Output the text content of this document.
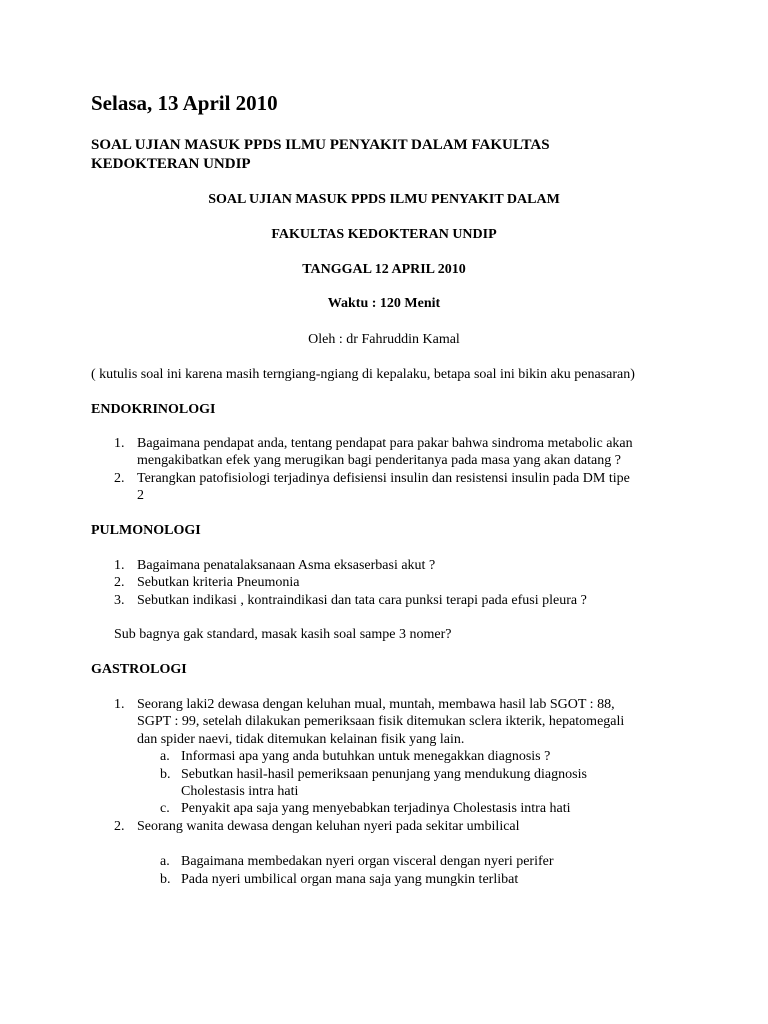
Selasa, 13 April 2010

SOAL UJIAN MASUK PPDS ILMU PENYAKIT DALAM FAKULTAS

KEDOKTERAN UNDIP

SOAL UJIAN MASUK PPDS ILMU PENYAKIT DALAM

FAKULTAS KEDOKTERAN UNDIP

TANGGAL 12 APRIL 2010

Waktu : 120 Menit

Oleh : dr Fahruddin Kamal

( kutulis soal ini karena masih terngiang-ngiang di kepalaku, betapa soal ini bikin aku penasaran)

ENDOKRINOLOGI

1. Bagaimana pendapat anda, tentang pendapat para pakar bahwa sindroma metabolic akan

mengakibatkan efek yang merugikan bagi penderitanya pada masa yang akan datang ?

2. Terangkan patofisiologi terjadinya defisiensi insulin dan resistensi insulin pada DM tipe

2

PULMONOLOGI

1. Bagaimana penatalaksanaan Asma eksaserbasi akut ?

2. Sebutkan kriteria Pneumonia

3. Sebutkan indikasi , kontraindikasi dan tata cara punksi terapi pada efusi pleura ?

Sub bagnya gak standard, masak kasih soal sampe 3 nomer?

GASTROLOGI

1. Seorang laki2 dewasa dengan keluhan mual, muntah, membawa hasil lab SGOT : 88,

SGPT : 99, setelah dilakukan pemeriksaan fisik ditemukan sclera ikterik, hepatomegali

dan spider naevi, tidak ditemukan kelainan fisik yang lain.

a. Informasi apa yang anda butuhkan untuk menegakkan diagnosis ?

b. Sebutkan hasil-hasil pemeriksaan penunjang yang mendukung diagnosis

Cholestasis intra hati

c. Penyakit apa saja yang menyebabkan terjadinya Cholestasis intra hati

2. Seorang wanita dewasa dengan keluhan nyeri pada sekitar umbilical

a. Bagaimana membedakan nyeri organ visceral dengan nyeri perifer

b. Pada nyeri umbilical organ mana saja yang mungkin terlibat
